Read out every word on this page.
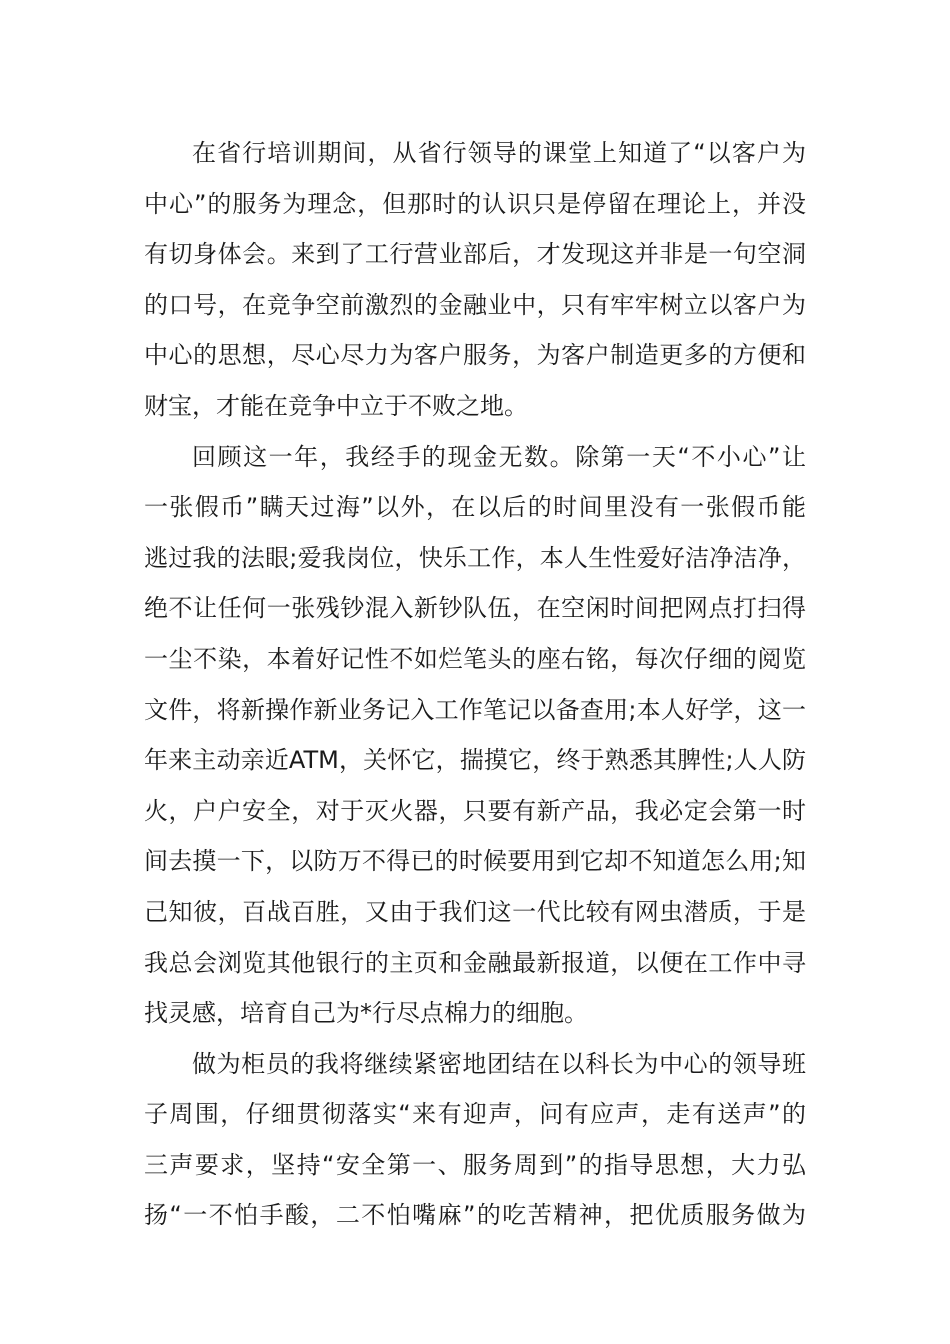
在省行培训期间，从省行领导的课堂上知道了“以客户为
中心”的服务为理念，但那时的认识只是停留在理论上，并没
有切身体会。来到了工行营业部后，才发现这并非是一句空洞
的口号，在竞争空前激烈的金融业中，只有牢牢树立以客户为
中心的思想，尽心尽力为客户服务，为客户制造更多的方便和
财宝，才能在竞争中立于不败之地。
回顾这一年，我经手的现金无数。除第一天“不小心”让
一张假币”瞒天过海”以外，在以后的时间里没有一张假币能
逃过我的法眼;爱我岗位，快乐工作，本人生性爱好洁净洁净，
绝不让任何一张残钞混入新钞队伍，在空闲时间把网点打扫得
一尘不染，本着好记性不如烂笔头的座右铭，每次仔细的阅览
文件，将新操作新业务记入工作笔记以备查用;本人好学，这一
年来主动亲近ATM，关怀它，揣摸它，终于熟悉其脾性;人人防
火，户户安全，对于灭火器，只要有新产品，我必定会第一时
间去摸一下，以防万不得已的时候要用到它却不知道怎么用;知
己知彼，百战百胜，又由于我们这一代比较有网虫潜质，于是
我总会浏览其他银行的主页和金融最新报道，以便在工作中寻
找灵感，培育自己为*行尽点棉力的细胞。
做为柜员的我将继续紧密地团结在以科长为中心的领导班
子周围，仔细贯彻落实“来有迎声，问有应声，走有送声”的
三声要求，坚持“安全第一、服务周到”的指导思想，大力弘
扬“一不怕手酸，二不怕嘴麻”的吃苦精神，把优质服务做为
